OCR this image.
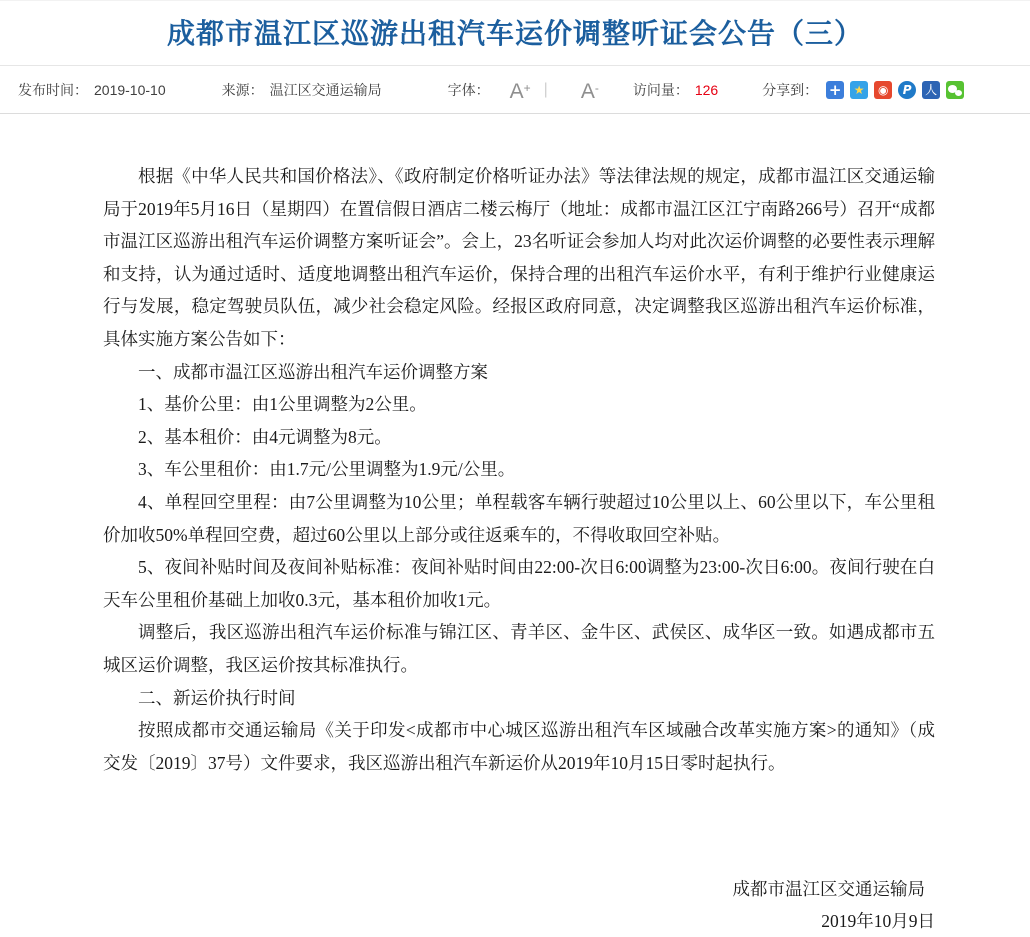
成都市温江区巡游出租汽车运价调整听证会公告（三）
发布时间： 2019-10-10	来源： 温江区交通运输局	字体： A+ | A- 访问量： 126	分享到： +	★	◉	P	人

根据《中华人民共和国价格法》、《政府制定价格听证办法》等法律法规的规定，成都市温江区交通运输局于2019年5月16日（星期四）在置信假日酒店二楼云梅厅（地址：成都市温江区江宁南路266号）召开“成都市温江区巡游出租汽车运价调整方案听证会”。会上，23名听证会参加人均对此次运价调整的必要性表示理解和支持，认为通过适时、适度地调整出租汽车运价，保持合理的出租汽车运价水平，有利于维护行业健康运行与发展，稳定驾驶员队伍，减少社会稳定风险。经报区政府同意，决定调整我区巡游出租汽车运价标准，具体实施方案公告如下：

一、成都市温江区巡游出租汽车运价调整方案

1、基价公里：由1公里调整为2公里。

2、基本租价：由4元调整为8元。

3、车公里租价：由1.7元/公里调整为1.9元/公里。

4、单程回空里程：由7公里调整为10公里；单程载客车辆行驶超过10公里以上、60公里以下，车公里租价加收50%单程回空费，超过60公里以上部分或往返乘车的，不得收取回空补贴。

5、夜间补贴时间及夜间补贴标准：夜间补贴时间由22:00-次日6:00调整为23:00-次日6:00。夜间行驶在白天车公里租价基础上加收0.3元，基本租价加收1元。

调整后，我区巡游出租汽车运价标准与锦江区、青羊区、金牛区、武侯区、成华区一致。如遇成都市五城区运价调整，我区运价按其标准执行。

二、新运价执行时间

按照成都市交通运输局《关于印发<成都市中心城区巡游出租汽车区域融合改革实施方案>的通知》（成交发〔2019〕37号）文件要求，我区巡游出租汽车新运价从2019年10月15日零时起执行。

成都市温江区交通运输局
2019年10月9日
